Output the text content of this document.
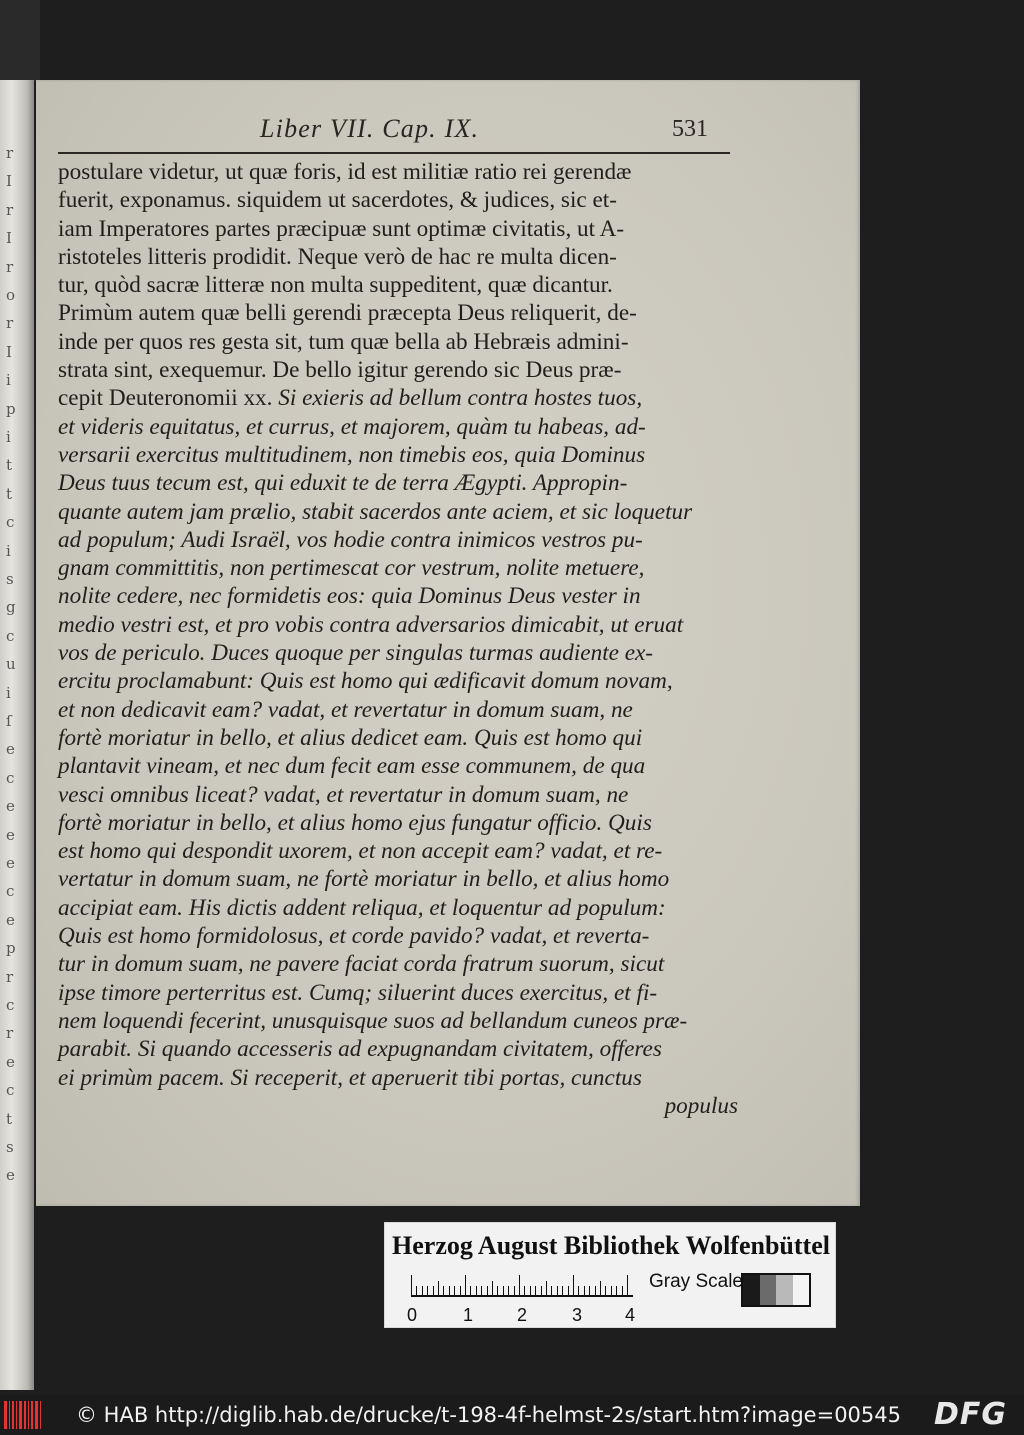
r
I
r
I
r
o
r
I
i
p
i
t
t
c
i
s
g
c
u
i
ſ
e
c
e
e
e
c
e
p
r
c
r
e
c
t
s
e
Liber VII. Cap. IX.	531
postulare videtur, ut quæ foris, id est militiæ ratio rei gerendæ
fuerit, exponamus. siquidem ut sacerdotes, & judices, sic et-
iam Imperatores partes præcipuæ sunt optimæ civitatis, ut A-
ristoteles litteris prodidit. Neque verò de hac re multa dicen-
tur, quòd sacræ litteræ non multa suppeditent, quæ dicantur.
Primùm autem quæ belli gerendi præcepta Deus reliquerit, de-
inde per quos res gesta sit, tum quæ bella ab Hebræis admini-
strata sint, exequemur. De bello igitur gerendo sic Deus præ-
cepit Deuteronomii xx. Si exieris ad bellum contra hostes tuos,
et videris equitatus, et currus, et majorem, quàm tu habeas, ad-
versarii exercitus multitudinem, non timebis eos, quia Dominus
Deus tuus tecum est, qui eduxit te de terra Ægypti. Appropin-
quante autem jam prælio, stabit sacerdos ante aciem, et sic loquetur
ad populum; Audi Israël, vos hodie contra inimicos vestros pu-
gnam committitis, non pertimescat cor vestrum, nolite metuere,
nolite cedere, nec formidetis eos: quia Dominus Deus vester in
medio vestri est, et pro vobis contra adversarios dimicabit, ut eruat
vos de periculo. Duces quoque per singulas turmas audiente ex-
ercitu proclamabunt: Quis est homo qui ædificavit domum novam,
et non dedicavit eam? vadat, et revertatur in domum suam, ne
fortè moriatur in bello, et alius dedicet eam. Quis est homo qui
plantavit vineam, et nec dum fecit eam esse communem, de qua
vesci omnibus liceat? vadat, et revertatur in domum suam, ne
fortè moriatur in bello, et alius homo ejus fungatur officio. Quis
est homo qui despondit uxorem, et non accepit eam? vadat, et re-
vertatur in domum suam, ne fortè moriatur in bello, et alius homo
accipiat eam. His dictis addent reliqua, et loquentur ad populum:
Quis est homo formidolosus, et corde pavido? vadat, et reverta-
tur in domum suam, ne pavere faciat corda fratrum suorum, sicut
ipse timore perterritus est. Cumq; siluerint duces exercitus, et fi-
nem loquendi fecerint, unusquisque suos ad bellandum cuneos præ-
parabit. Si quando accesseris ad expugnandam civitatem, offeres
ei primùm pacem. Si receperit, et aperuerit tibi portas, cunctus
populus
Herzog August Bibliothek Wolfenbüttel
0	1 2 3 4
Gray Scale
© HAB http://diglib.hab.de/drucke/t-198-4f-helmst-2s/start.htm?image=00545	DFG
